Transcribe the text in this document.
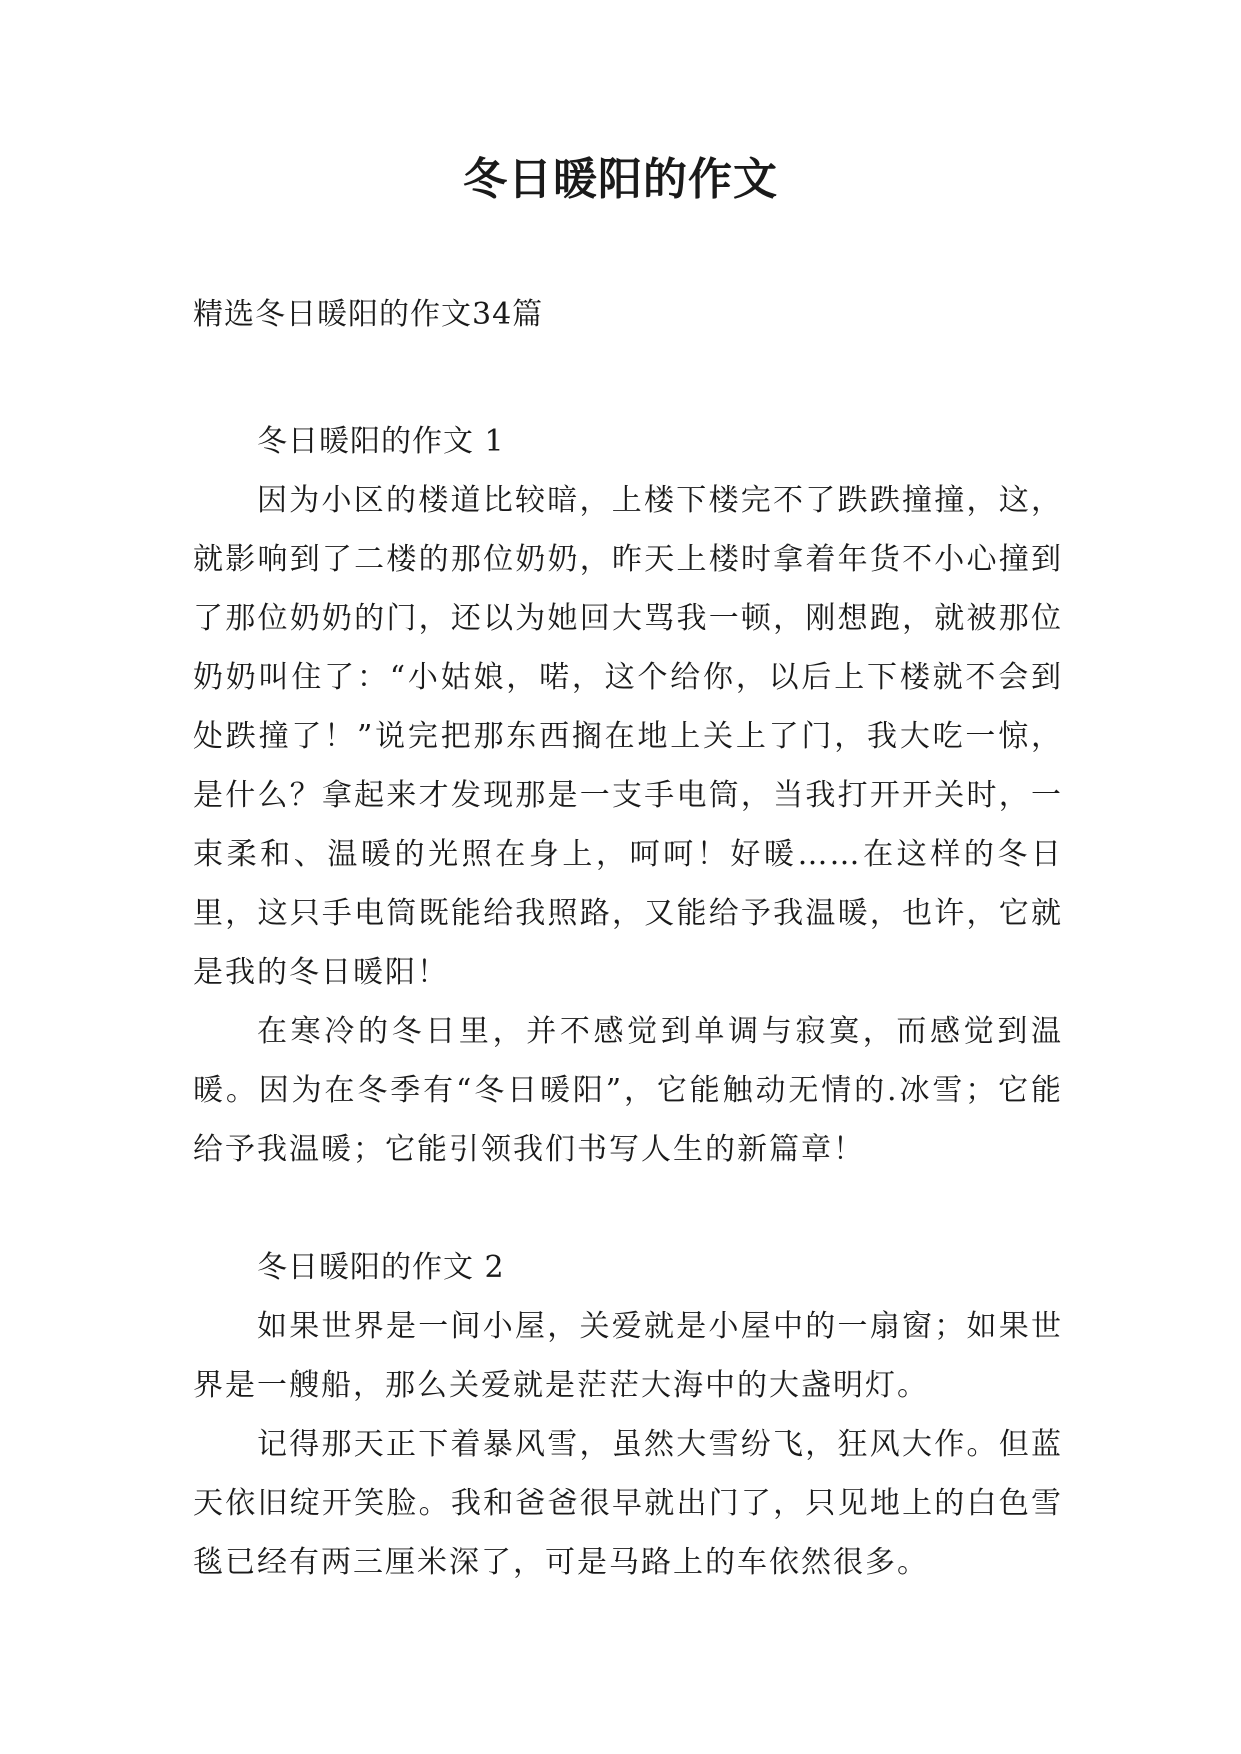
冬日暖阳的作文
精选冬日暖阳的作文34篇

冬日暖阳的作文 1

因为小区的楼道比较暗，上楼下楼完不了跌跌撞撞，这，就影响到了二楼的那位奶奶，昨天上楼时拿着年货不小心撞到了那位奶奶的门，还以为她回大骂我一顿，刚想跑，就被那位奶奶叫住了：“小姑娘，喏，这个给你，以后上下楼就不会到处跌撞了！”说完把那东西搁在地上关上了门，我大吃一惊，是什么？拿起来才发现那是一支手电筒，当我打开开关时，一束柔和、温暖的光照在身上，呵呵！好暖……在这样的冬日里，这只手电筒既能给我照路，又能给予我温暖，也许，它就是我的冬日暖阳！

在寒冷的冬日里，并不感觉到单调与寂寞，而感觉到温暖。因为在冬季有“冬日暖阳”，它能触动无情的.冰雪；它能给予我温暖；它能引领我们书写人生的新篇章！

冬日暖阳的作文 2

如果世界是一间小屋，关爱就是小屋中的一扇窗；如果世界是一艘船，那么关爱就是茫茫大海中的大盏明灯。

记得那天正下着暴风雪，虽然大雪纷飞，狂风大作。但蓝天依旧绽开笑脸。我和爸爸很早就出门了，只见地上的白色雪毯已经有两三厘米深了，可是马路上的车依然很多。
